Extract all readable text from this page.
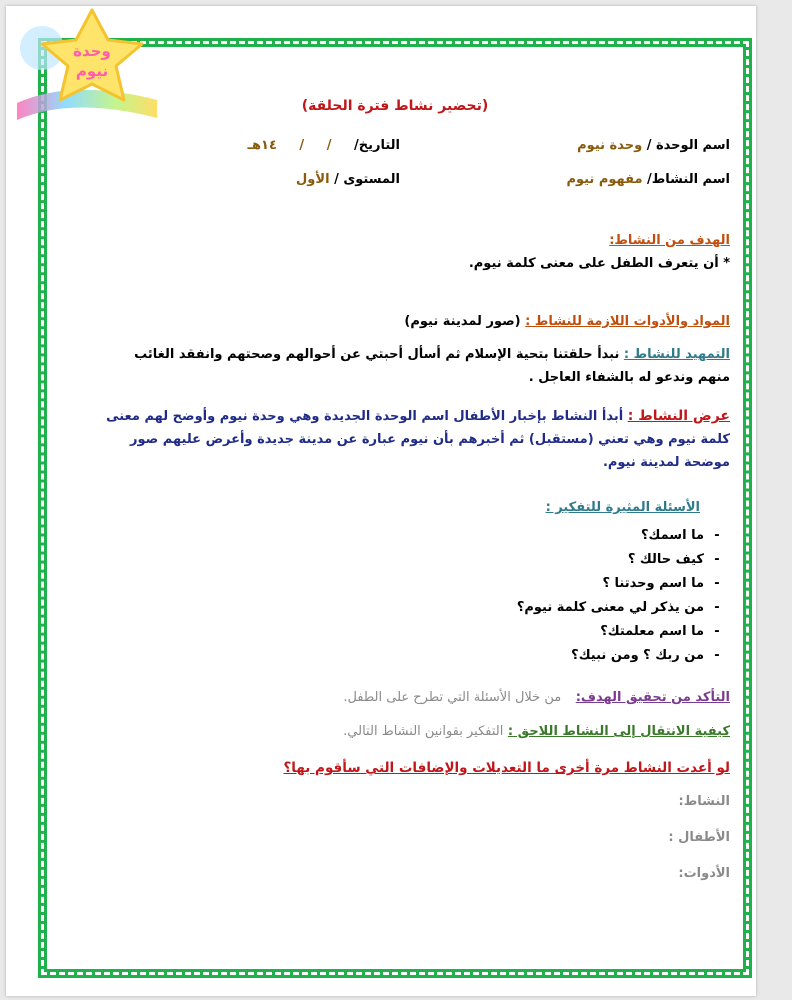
وحدة
نيوم
(تحضير نشاط فترة الحلقة)
اسم الوحدة / وحدة نيوم
التاريخ/ / / ١٤هـ
اسم النشاط/ مفهوم نيوم
المستوى / الأول
الهدف من النشاط:
* أن يتعرف الطفل على معنى كلمة نيوم.
المواد والأدوات اللازمة للنشاط : (صور لمدينة نيوم)
التمهيد للنشاط : نبدأ حلقتنا بتحية الإسلام ثم أسأل أحبتي عن أحوالهم وصحتهم وانفقد الغائب منهم وندعو له بالشفاء العاجل .
عرض النشاط : أبدأ النشاط بإخبار الأطفال اسم الوحدة الجديدة وهي وحدة نيوم وأوضح لهم معنى كلمة نيوم وهي تعني (مستقبل) ثم أخبرهم بأن نيوم عبارة عن مدينة جديدة وأعرض عليهم صور موضحة لمدينة نيوم.
الأسئلة المثيرة للتفكير :
-ما اسمك؟
-كيف حالك ؟
-ما اسم وحدتنا ؟
-من يذكر لي معنى كلمة نيوم؟
-ما اسم معلمتك؟
-من ربك ؟ ومن نبيك؟
التأكد من تحقيق الهدف: من خلال الأسئلة التي تطرح على الطفل.
كيفية الانتقال إلى النشاط اللاحق : التفكير بقوانين النشاط التالي.
لو أعدت النشاط مرة أخرى ما التعديلات والإضافات التي سأقوم بها؟
النشاط:
الأطفال :
الأدوات:
